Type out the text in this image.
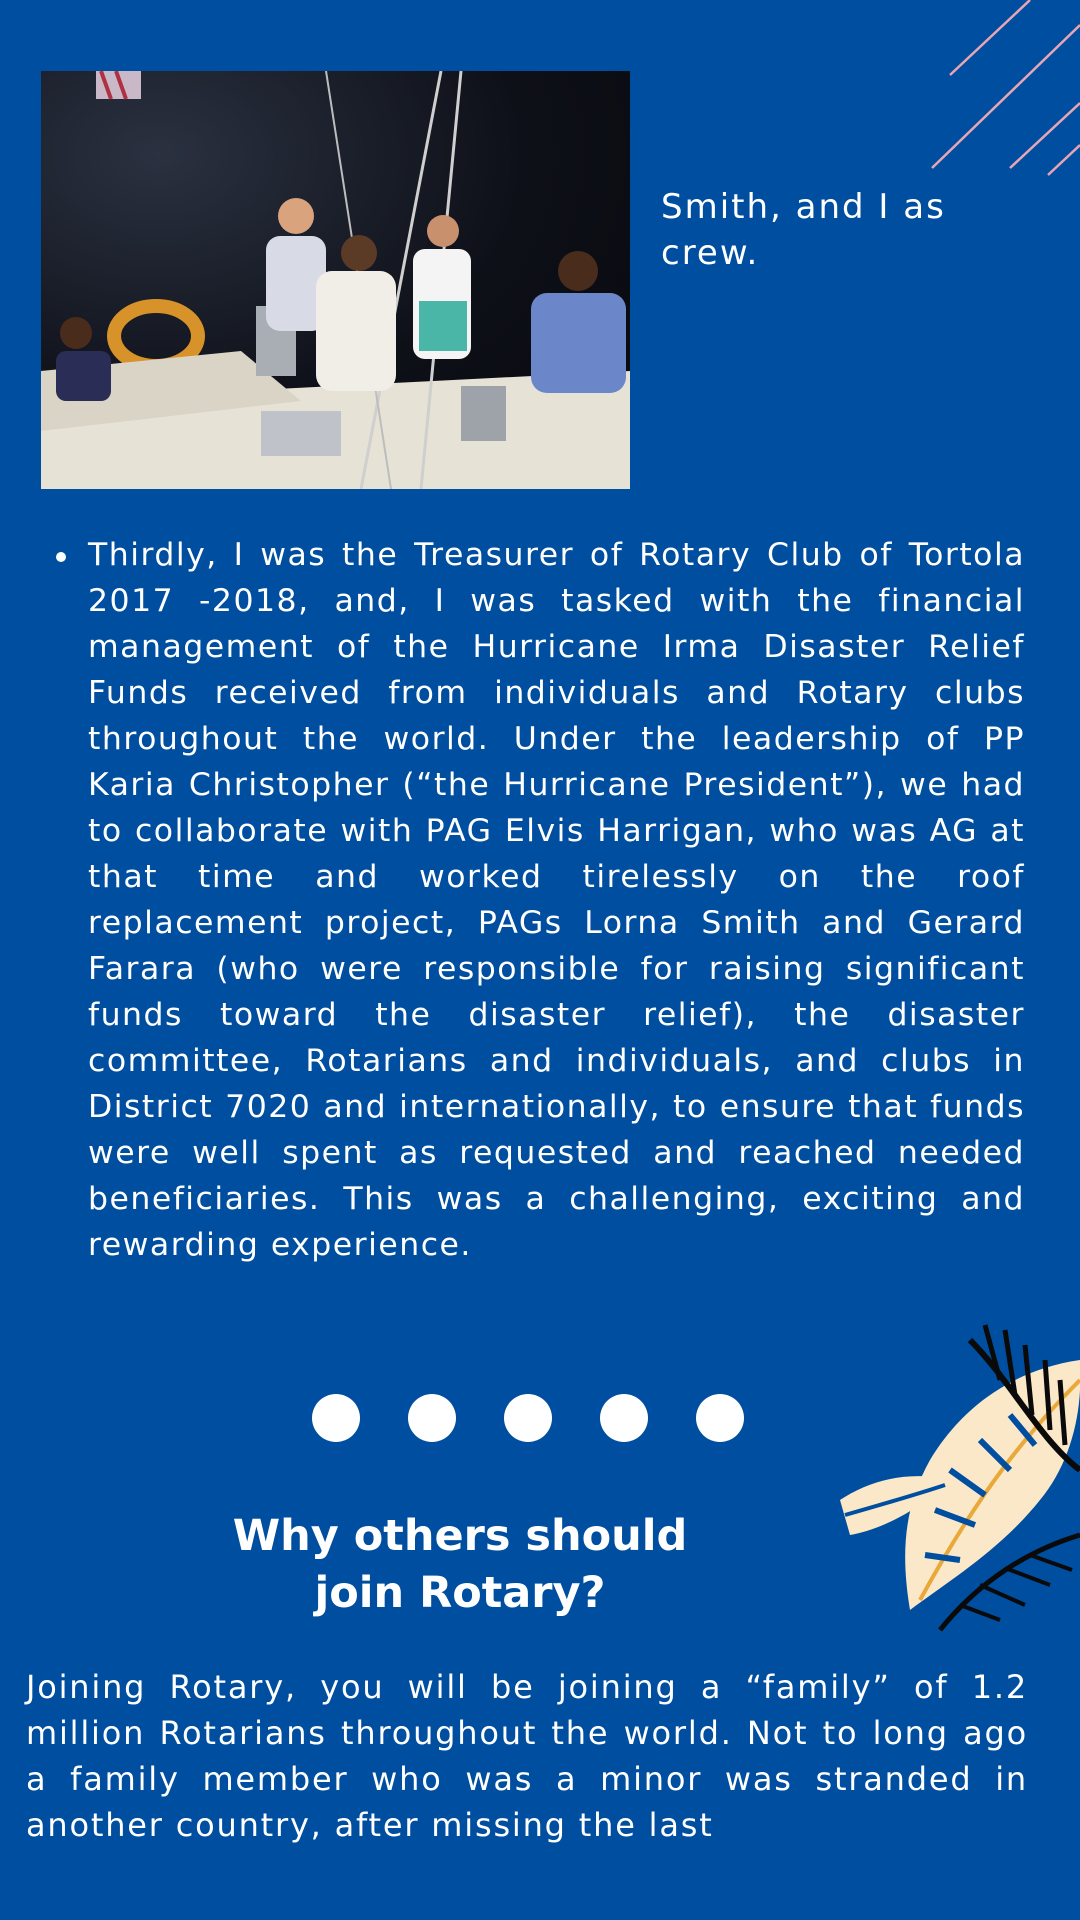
Smith, and I as crew.
Thirdly, I was the Treasurer of Rotary Club of Tortola 2017 -2018, and, I was tasked with the financial management of the Hurricane Irma Disaster Relief Funds received from individuals and Rotary clubs throughout the world. Under the leadership of PP Karia Christopher (“the Hurricane President”), we had to collaborate with PAG Elvis Harrigan, who was AG at that time and worked tirelessly on the roof replacement project, PAGs Lorna Smith and Gerard Farara (who were responsible for raising significant funds toward the disaster relief), the disaster committee, Rotarians and individuals, and clubs in District 7020 and internationally, to ensure that funds were well spent as requested and reached needed beneficiaries. This was a challenging, exciting and rewarding experience.
Why others should
join Rotary?
Joining Rotary, you will be joining a “family” of 1.2 million Rotarians throughout the world. Not to long ago a family member who was a minor was stranded in another country, after missing the last
